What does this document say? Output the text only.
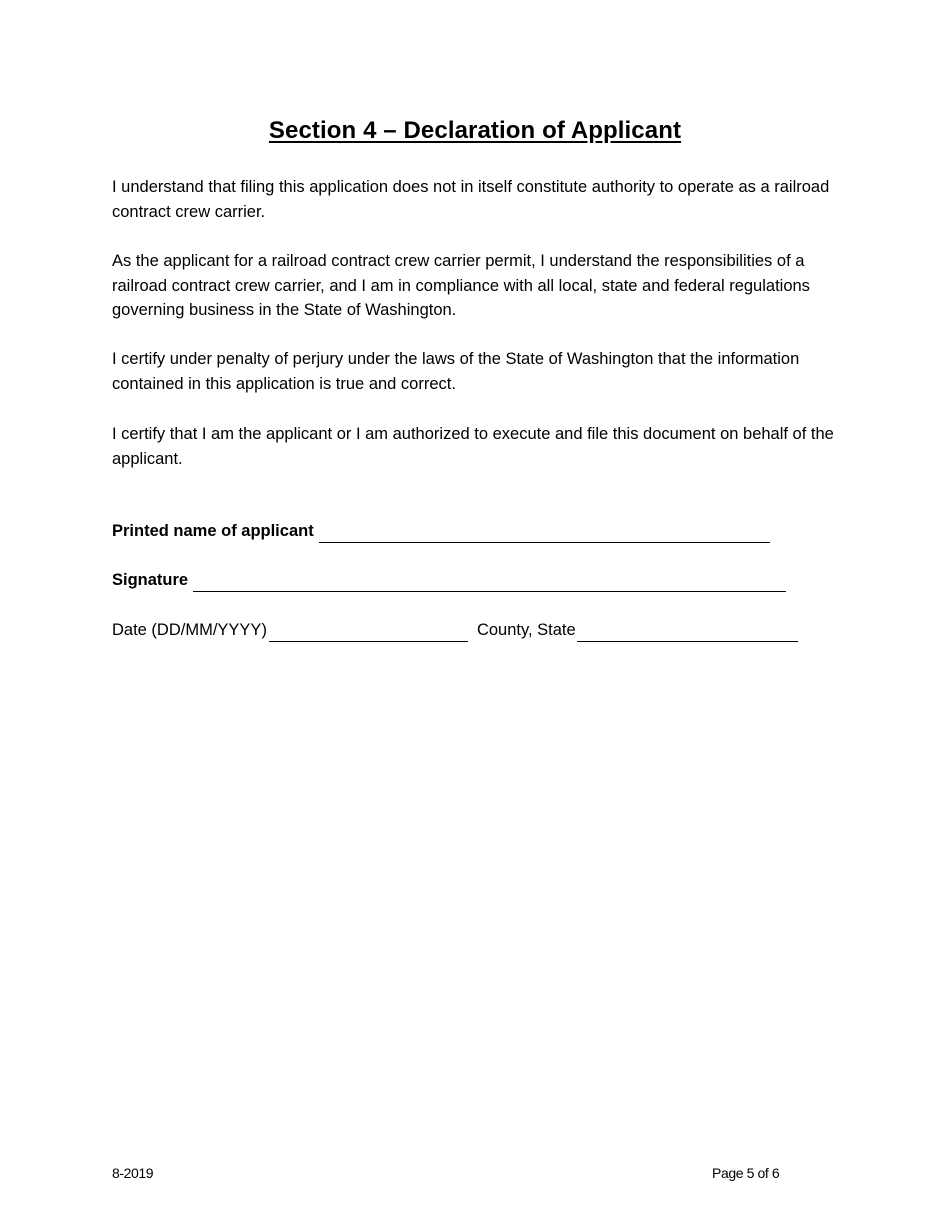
Section 4 – Declaration of Applicant

I understand that filing this application does not in itself constitute authority to operate as a railroad contract crew carrier.

As the applicant for a railroad contract crew carrier permit, I understand the responsibilities of a railroad contract crew carrier, and I am in compliance with all local, state and federal regulations governing business in the State of Washington.

I certify under penalty of perjury under the laws of the State of Washington that the information contained in this application is true and correct.

I certify that I am the applicant or I am authorized to execute and file this document on behalf of the applicant.

Printed name of applicant
Signature
Date (DD/MM/YYYY)	County, State
8-2019	Page 5 of 6
